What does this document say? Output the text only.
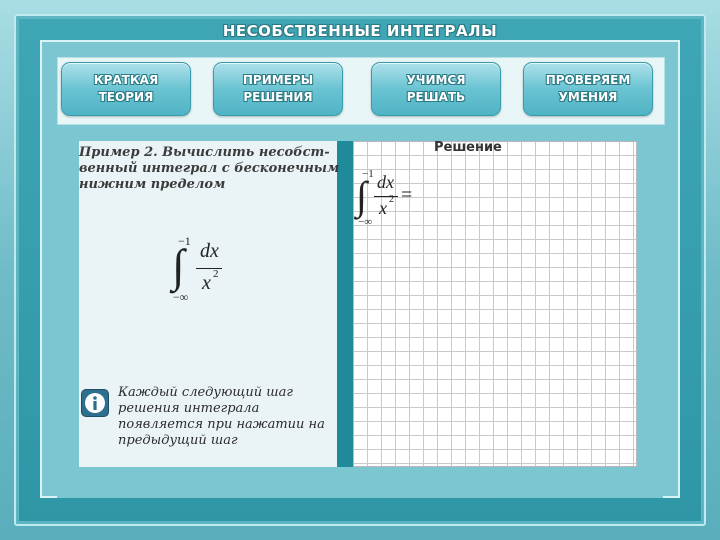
НЕСОБСТВЕННЫЕ ИНТЕГРАЛЫ
КРАТКАЯ
ТЕОРИЯ
ПРИМЕРЫ
РЕШЕНИЯ
УЧИМСЯ
РЕШАТЬ
ПРОВЕРЯЕМ
УМЕНИЯ
Пример 2. Вычислить несобст-
венный интеграл с бесконечным
нижним пределом
−1
∫
−∞
dx
x 2
Решение
−1
∫
−∞
dx
x 2 =
Каждый следующий шаг решения интеграла появляется при нажатии на предыдущий шаг
